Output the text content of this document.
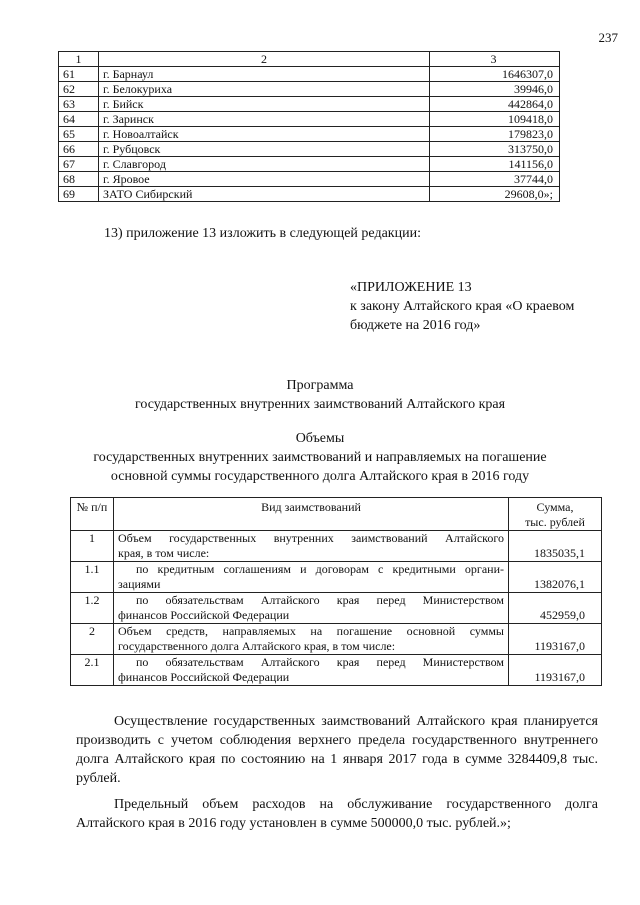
237
1	2	3
61	г. Барнаул	1646307,0
62	г. Белокуриха	39946,0
63	г. Бийск	442864,0
64	г. Заринск	109418,0
65	г. Новоалтайск	179823,0
66	г. Рубцовск	313750,0
67	г. Славгород	141156,0
68	г. Яровое	37744,0
69	ЗАТО Сибирский	29608,0»;
13) приложение 13 изложить в следующей редакции:
«ПРИЛОЖЕНИЕ 13
к закону Алтайского края «О краевом
бюджете на 2016 год»
Программа
государственных внутренних заимствований Алтайского края
Объемы
государственных внутренних заимствований и направляемых на погашение
основной суммы государственного долга Алтайского края в 2016 году
№ п/п	Вид заимствований	Сумма,
тыс. рублей

1	Объем государственных внутренних заимствований Алтайского
края, в том числе:	1835035,1
1.1	по кредитным соглашениям и договорам с кредитными органи-
зациями	1382076,1
1.2	по обязательствам Алтайского края перед Министерством
финансов Российской Федерации	452959,0
2	Объем средств, направляемых на погашение основной суммы
государственного долга Алтайского края, в том числе:	1193167,0
2.1	по обязательствам Алтайского края перед Министерством
финансов Российской Федерации	1193167,0
Осуществление государственных заимствований Алтайского края планируется производить с учетом соблюдения верхнего предела государственного внутреннего долга Алтайского края по состоянию на 1 января 2017 года в сумме 3284409,8 тыс. рублей.
Предельный объем расходов на обслуживание государственного долга Алтайского края в 2016 году установлен в сумме 500000,0 тыс. рублей.»;
